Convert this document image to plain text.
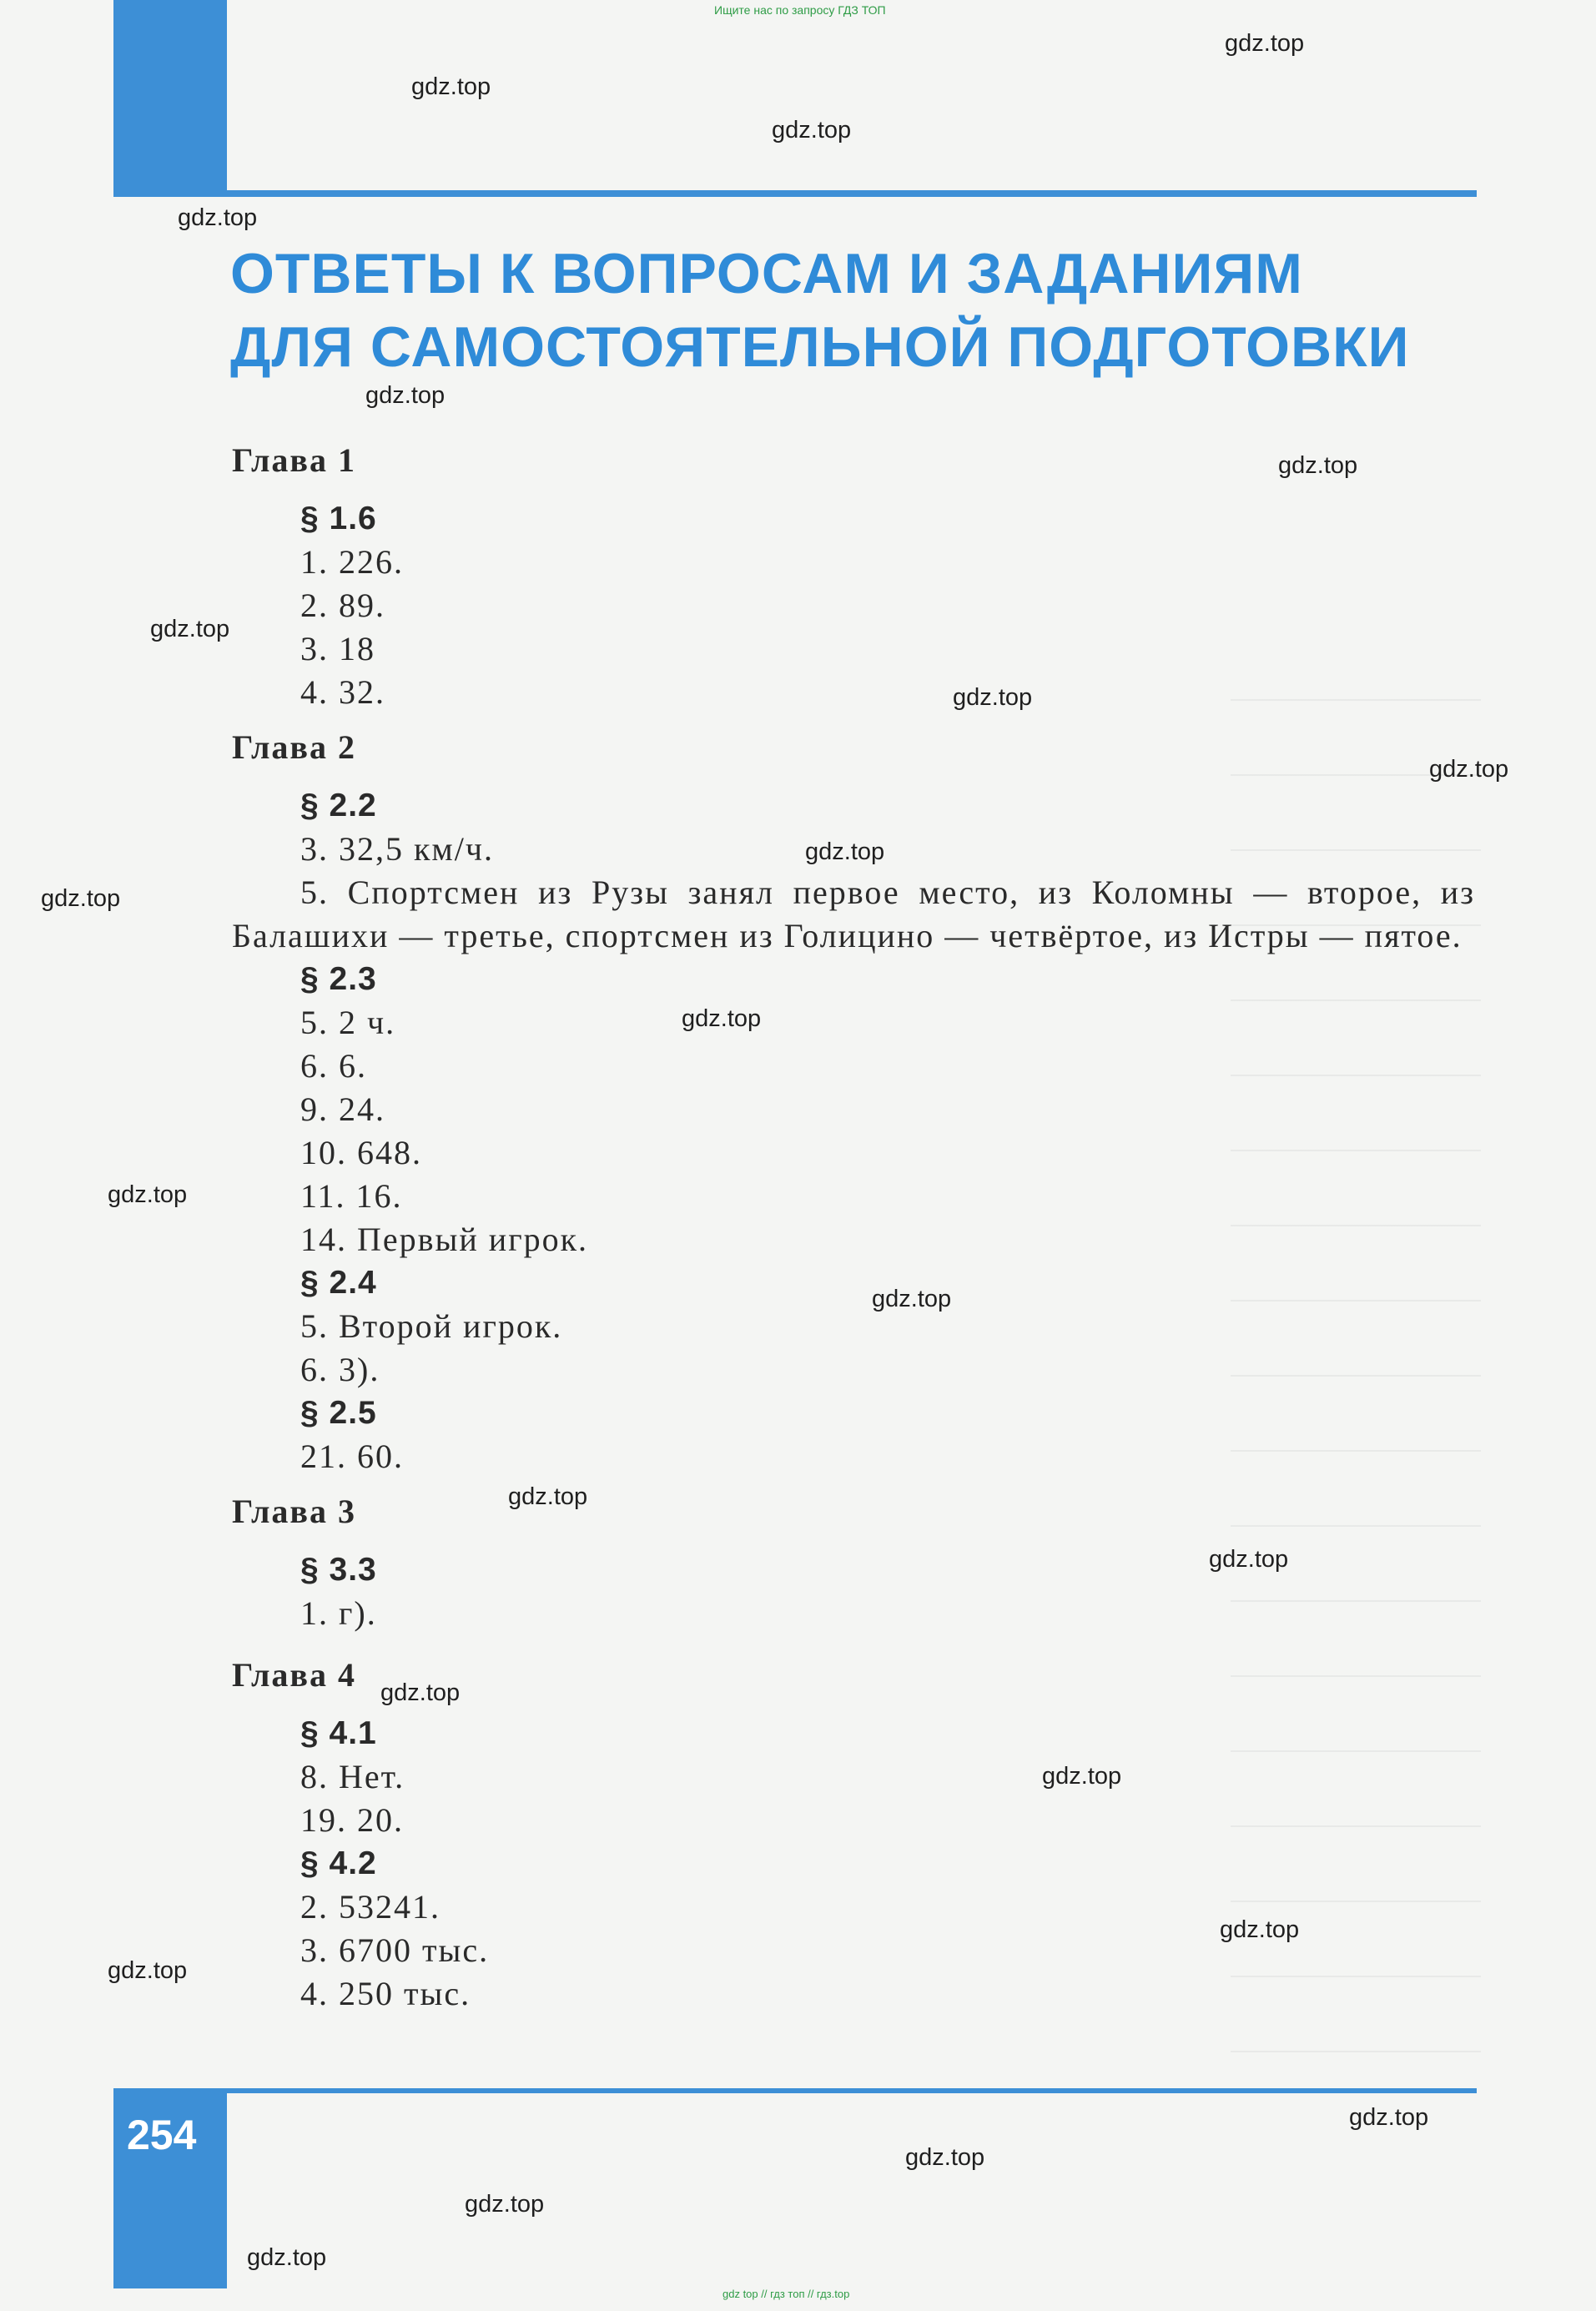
Ищите нас по запросу ГДЗ ТОП
ОТВЕТЫ К ВОПРОСАМ И ЗАДАНИЯМ
ДЛЯ САМОСТОЯТЕЛЬНОЙ ПОДГОТОВКИ
Глава 1
§ 1.6
1. 226.
2. 89.
3. 18
4. 32.
Глава 2
§ 2.2
3. 32,5 км/ч.
5. Спортсмен из Рузы занял первое место, из Коломны — второе, из Балашихи — третье, спортсмен из Голицино — четвёртое, из Истры — пятое.
§ 2.3
5. 2 ч.
6. 6.
9. 24.
10. 648.
11. 16.
14. Первый игрок.
§ 2.4
5. Второй игрок.
6. 3).
§ 2.5
21. 60.
Глава 3
§ 3.3
1. г).
Глава 4
§ 4.1
8. Нет.
19. 20.
§ 4.2
2. 53241.
3. 6700 тыс.
4. 250 тыс.
254
gdz.top
gdz.top
gdz.top
gdz.top
gdz.top
gdz.top
gdz.top
gdz.top
gdz.top
gdz.top
gdz.top
gdz.top
gdz.top
gdz.top
gdz.top
gdz.top
gdz.top
gdz.top
gdz.top
gdz.top
gdz.top
gdz.top
gdz.top
gdz.top
gdz top // гдз топ // гдз.top
